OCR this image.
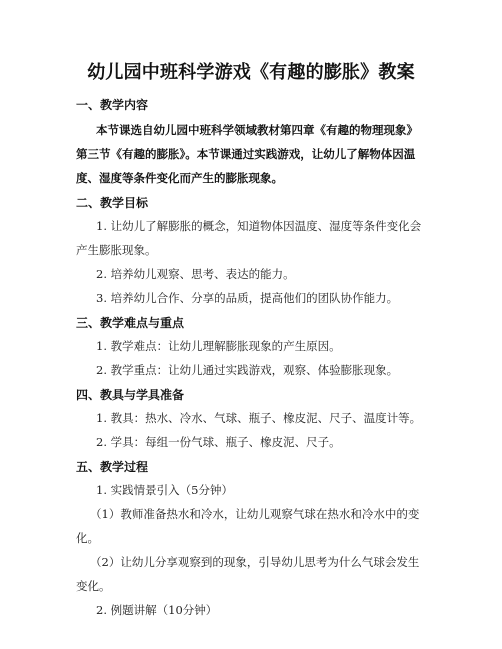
幼儿园中班科学游戏《有趣的膨胀》教案
一、教学内容
本节课选自幼儿园中班科学领域教材第四章《有趣的物理现象》
第三节《有趣的膨胀》。本节课通过实践游戏，让幼儿了解物体因温
度、湿度等条件变化而产生的膨胀现象。
二、教学目标
1. 让幼儿了解膨胀的概念，知道物体因温度、湿度等条件变化会
产生膨胀现象。
2. 培养幼儿观察、思考、表达的能力。
3. 培养幼儿合作、分享的品质，提高他们的团队协作能力。
三、教学难点与重点
1. 教学难点：让幼儿理解膨胀现象的产生原因。
2. 教学重点：让幼儿通过实践游戏，观察、体验膨胀现象。
四、教具与学具准备
1. 教具：热水、冷水、气球、瓶子、橡皮泥、尺子、温度计等。
2. 学具：每组一份气球、瓶子、橡皮泥、尺子。
五、教学过程
1. 实践情景引入（5分钟）
（1）教师准备热水和冷水，让幼儿观察气球在热水和冷水中的变
化。
（2）让幼儿分享观察到的现象，引导幼儿思考为什么气球会发生
变化。
2. 例题讲解（10分钟）
